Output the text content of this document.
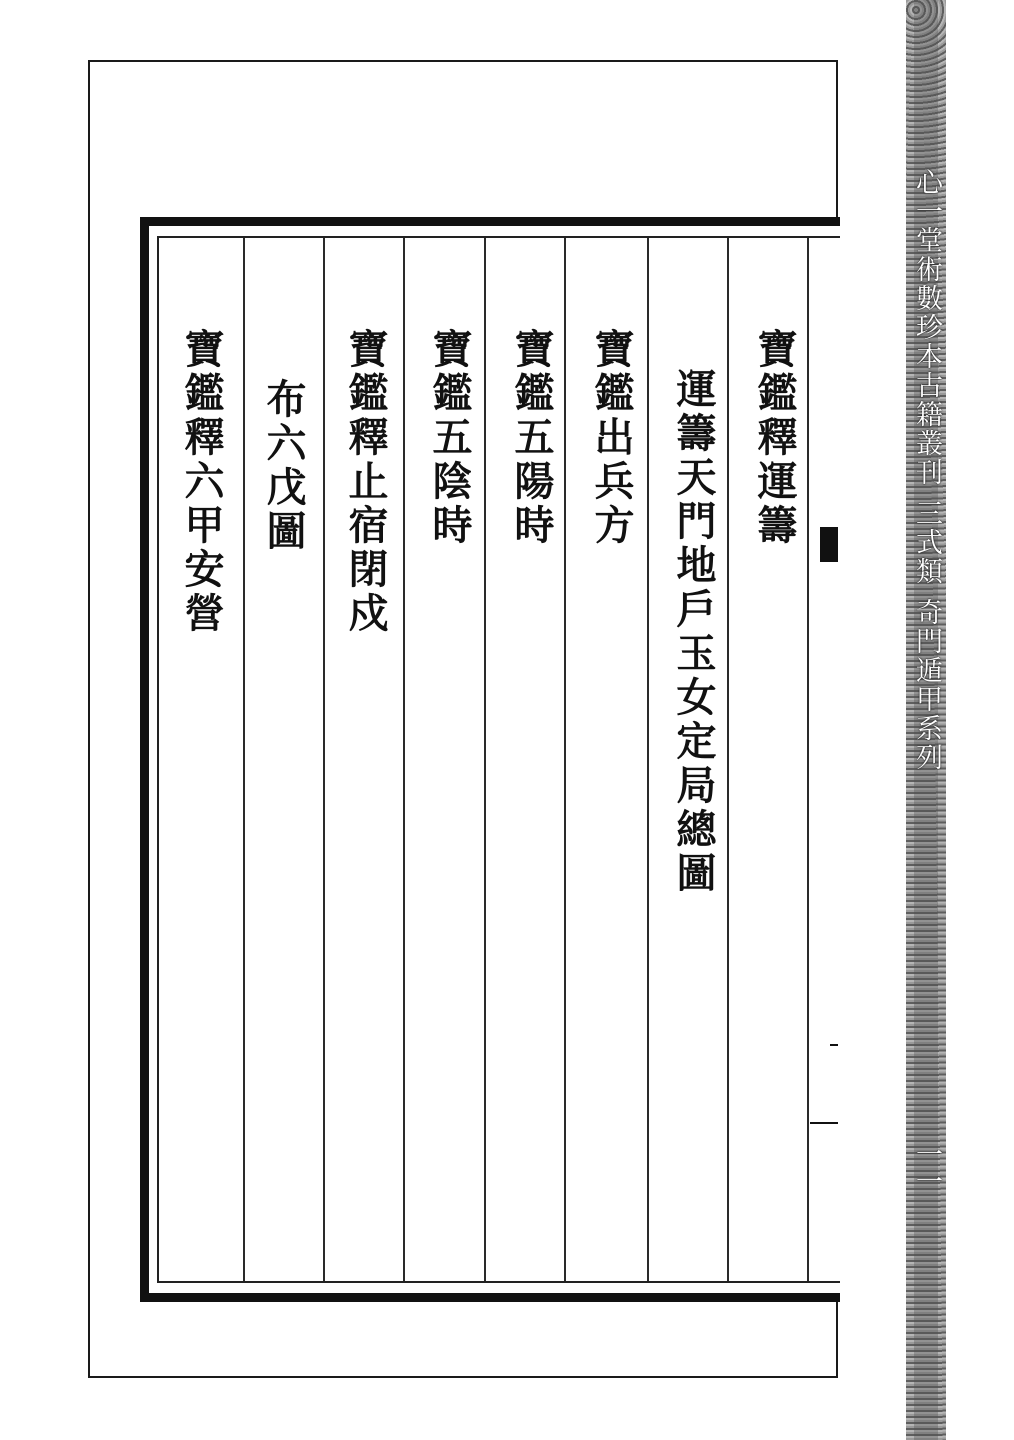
寶鑑釋運籌
運籌天門地戶玉女定局總圖
寶鑑出兵方
寶鑑五陽時
寶鑑五陰時
寶鑑釋止宿閉戍
布六戊圖
寶鑑釋六甲安營	心一堂術數珍本古籍叢刊三式類奇門遁甲系列
一一
